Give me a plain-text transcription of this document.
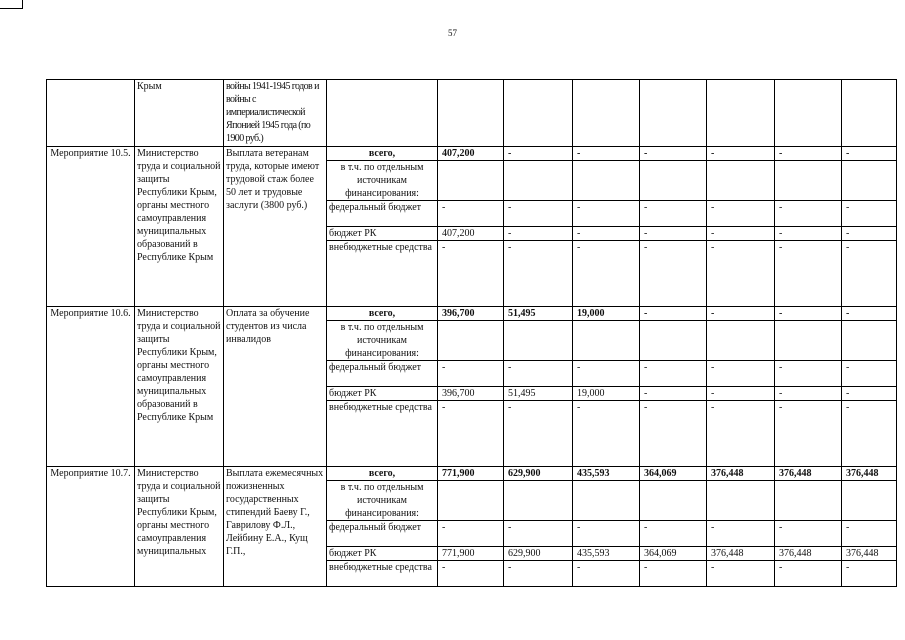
57
	Крым	войны 1941-1945 годов и войны с империалистической Японией 1945 года (по 1900 руб.)								
Мероприятие 10.5.	Министерство труда и социальной защиты Республики Крым, органы местного самоуправления муниципальных образований в Республике Крым	Выплата ветеранам труда, которые имеют трудовой стаж более 50 лет и трудовые заслуги (3800 руб.)	всего,	407,200	-	-	-	-	-	-
			в т.ч. по отдельным источникам финансирования:							
			федеральный бюджет	-	-	-	-	-	-	-
			бюджет РК	407,200	-	-	-	-	-	-
			внебюджетные средства	-	-	-	-	-	-	-
Мероприятие 10.6.	Министерство труда и социальной защиты Республики Крым, органы местного самоуправления муниципальных образований в Республике Крым	Оплата за обучение студентов из числа инвалидов	всего,	396,700	51,495	19,000	-	-	-	-
			в т.ч. по отдельным источникам финансирования:							
			федеральный бюджет	-	-	-	-	-	-	-
			бюджет РК	396,700	51,495	19,000	-	-	-	-
			внебюджетные средства	-	-	-	-	-	-	-
Мероприятие 10.7.	Министерство труда и социальной защиты Республики Крым, органы местного самоуправления муниципальных	Выплата ежемесячных пожизненных государственных стипендий Баеву Г., Гаврилову Ф.Л., Лейбину Е.А., Кущ Г.П.,	всего,	771,900	629,900	435,593	364,069	376,448	376,448	376,448
			в т.ч. по отдельным источникам финансирования:							
			федеральный бюджет	-	-	-	-	-	-	-
			бюджет РК	771,900	629,900	435,593	364,069	376,448	376,448	376,448
			внебюджетные средства	-	-	-	-	-	-	-
